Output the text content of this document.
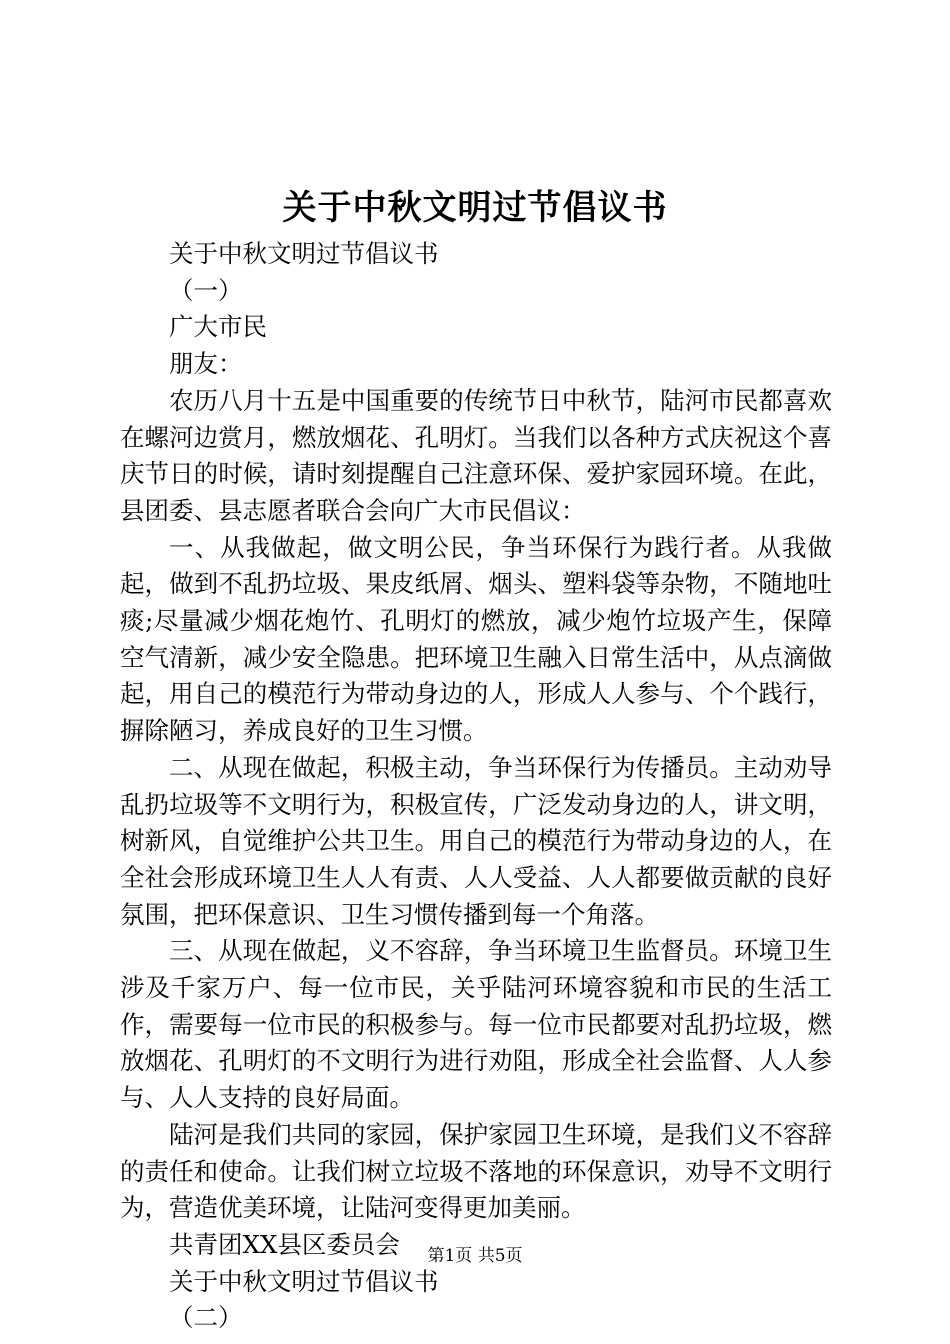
关于中秋文明过节倡议书
关于中秋文明过节倡议书
（一）
广大市民
朋友：

农历八月十五是中国重要的传统节日中秋节，陆河市民都喜欢在螺河边赏月，燃放烟花、孔明灯。当我们以各种方式庆祝这个喜庆节日的时候，请时刻提醒自己注意环保、爱护家园环境。在此，县团委、县志愿者联合会向广大市民倡议：

一、从我做起，做文明公民，争当环保行为践行者。从我做起，做到不乱扔垃圾、果皮纸屑、烟头、塑料袋等杂物，不随地吐痰;尽量减少烟花炮竹、孔明灯的燃放，减少炮竹垃圾产生，保障空气清新，减少安全隐患。把环境卫生融入日常生活中，从点滴做起，用自己的模范行为带动身边的人，形成人人参与、个个践行，摒除陋习，养成良好的卫生习惯。

二、从现在做起，积极主动，争当环保行为传播员。主动劝导乱扔垃圾等不文明行为，积极宣传，广泛发动身边的人，讲文明，树新风，自觉维护公共卫生。用自己的模范行为带动身边的人，在全社会形成环境卫生人人有责、人人受益、人人都要做贡献的良好氛围，把环保意识、卫生习惯传播到每一个角落。

三、从现在做起，义不容辞，争当环境卫生监督员。环境卫生涉及千家万户、每一位市民，关乎陆河环境容貌和市民的生活工作，需要每一位市民的积极参与。每一位市民都要对乱扔垃圾，燃放烟花、孔明灯的不文明行为进行劝阻，形成全社会监督、人人参与、人人支持的良好局面。

陆河是我们共同的家园，保护家园卫生环境，是我们义不容辞的责任和使命。让我们树立垃圾不落地的环保意识，劝导不文明行为，营造优美环境，让陆河变得更加美丽。

共青团XX县区委员会
关于中秋文明过节倡议书
（二）
第1页 共5页
